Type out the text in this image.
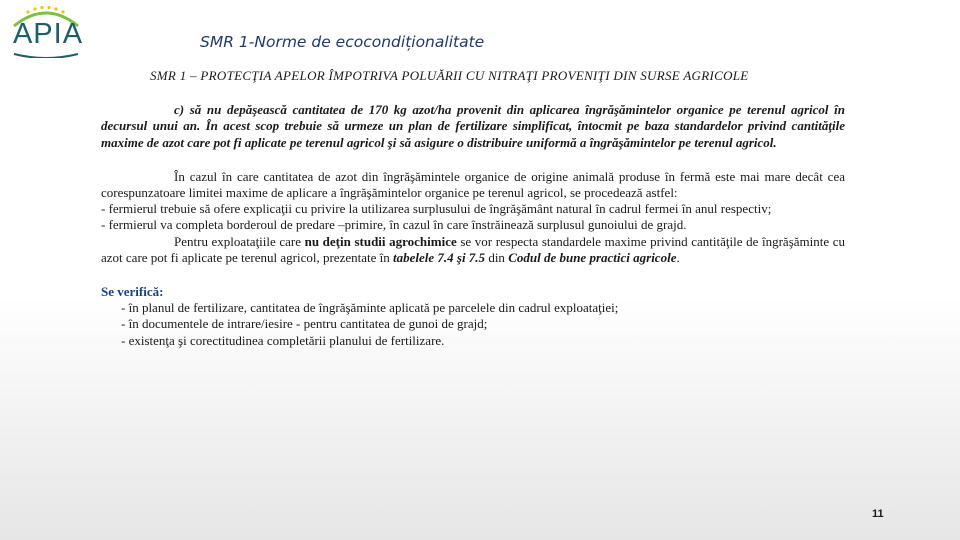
APIA	SMR 1-Norme de ecocondiționalitate

SMR 1 – PROTECŢIA APELOR ÎMPOTRIVA POLUĂRII CU NITRAŢI PROVENIŢI DIN SURSE AGRICOLE

c) să nu depăşească cantitatea de 170 kg azot/ha provenit din aplicarea îngrăşămintelor organice pe terenul agricol în decursul unui an. În acest scop trebuie să urmeze un plan de fertilizare simplificat, întocmit pe baza standardelor privind cantităţile maxime de azot care pot fi aplicate pe terenul agricol şi să asigure o distribuire uniformă a îngrăşămintelor pe terenul agricol.

În cazul în care cantitatea de azot din îngrăşămintele organice de origine animală produse în fermă este mai mare decât cea corespunzatoare limitei maxime de aplicare a îngrăşămintelor organice pe terenul agricol, se procedează astfel:

- fermierul trebuie să ofere explicaţii cu privire la utilizarea surplusului de îngrăşământ natural în cadrul fermei în anul respectiv;

- fermierul va completa borderoul de predare –primire, în cazul în care înstrăinează surplusul gunoiului de grajd.

Pentru exploataţiile care nu deţin studii agrochimice se vor respecta standardele maxime privind cantităţile de îngrăşăminte cu azot care pot fi aplicate pe terenul agricol, prezentate în tabelele 7.4 şi 7.5 din Codul de bune practici agricole.

Se verifică:

- în planul de fertilizare, cantitatea de îngrăşăminte aplicată pe parcelele din cadrul exploataţiei;

- în documentele de intrare/iesire - pentru cantitatea de gunoi de grajd;

- existenţa şi corectitudinea completării planului de fertilizare.

11
